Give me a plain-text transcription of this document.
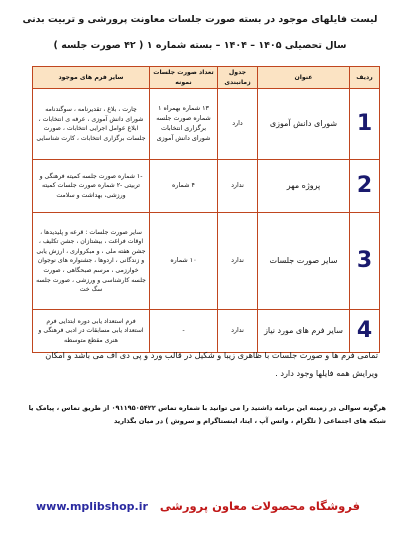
لیست فایلهای موجود در بسته صورت جلسات معاونت پرورشی و تربیت بدنی
سال تحصیلی ۱۴۰۵ – ۱۴۰۴ – بسته شماره ۱ ( ۴۲ صورت جلسه )
ردیف	عنوان	جدول زمانبندی	تعداد صورت جلسات نمونه	سایر فرم های موجود
1	شورای دانش آموزی	دارد	۱۳ شماره بهمراه ۱ شماره صورت جلسه برگزاری انتخابات شورای دانش آموزی	چارت ، بلاغ ، تقدیرنامه ، سوگندنامه شورای دانش آموزی ، عرفه ی انتخابات ، ابلاغ عوامل اجرایی انتخابات ، صورت جلسات برگزاری انتخابات ، کارت شناسایی
2	پروژه مهر	ندارد	۴ شماره	-۱ شماره صورت جلسه کمیته فرهنگی و تربیتی -۲ شماره صورت جلسات کمیته ورزشی، بهداشت و سلامت
3	سایر صورت جلسات	ندارد	۱۰ شماره	سایر صورت جلسات : قرعه و پلیدیدها ، اوقات فراغت ، بیشتازان ، جشن تکلیف ، جشن هفته ملی ، و مبکرواری ، ارزش یابی و زندگانی ، اردوها ، جشنواره های نوجوان خوارزمی ، مرسم صبحگاهی ، صورت جلسه کارشناسی و ورزشی ، صورت جلسه سگ خت
4	سایر فرم های مورد نیاز	ندارد	-	فرم استعداد یابی دوره ابتدایی فرم استعداد یابی مسابقات در ادبی فرهنگی و هنری مقطع متوسطه
تمامی فرم ها و صورت جلسات با ظاهری زیبا و شکیل در قالب ورد و پی دی اف می باشد و امکان ویرایش همه فایلها وجود دارد .
هرگونه سوالی در زمینه این برنامه داشتید را می توانید با شماره تماس ۰۹۱۱۹۵۰۵۴۲۲ از طریق تماس ، پیامک یا شبکه های اجتماعی ( تلگرام ، واتس آپ ، ایتا، اینستاگرام و سروش ) در میان بگذارید
فروشگاه محصولات معاون پرورشی
www.mplibshop.ir
